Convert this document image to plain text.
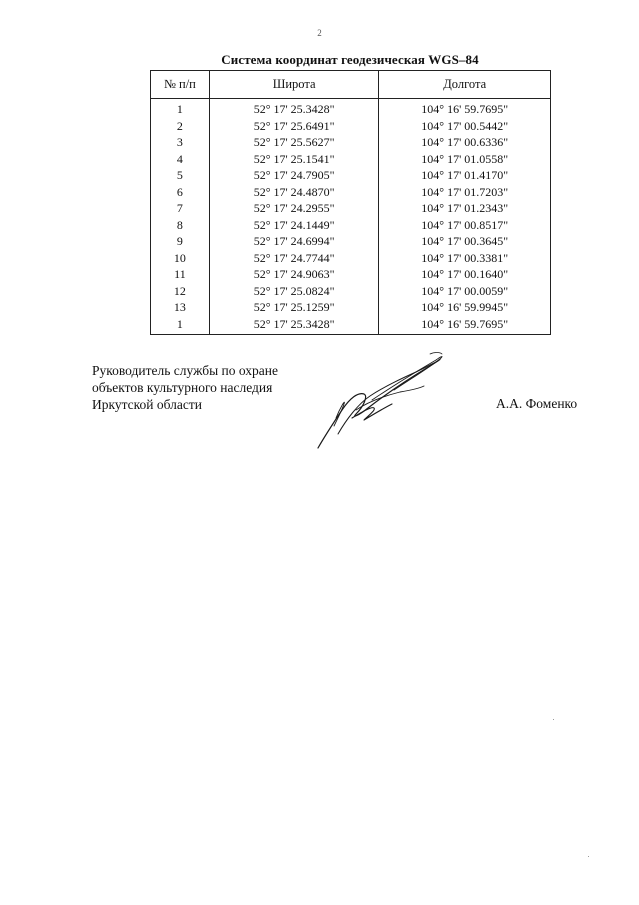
2
Система координат геодезическая WGS–84
№ п/п	Широта	Долгота
1	52° 17' 25.3428"	104° 16' 59.7695"
2	52° 17' 25.6491"	104° 17' 00.5442"
3	52° 17' 25.5627"	104° 17' 00.6336"
4	52° 17' 25.1541"	104° 17' 01.0558"
5	52° 17' 24.7905"	104° 17' 01.4170"
6	52° 17' 24.4870"	104° 17' 01.7203"
7	52° 17' 24.2955"	104° 17' 01.2343"
8	52° 17' 24.1449"	104° 17' 00.8517"
9	52° 17' 24.6994"	104° 17' 00.3645"
10	52° 17' 24.7744"	104° 17' 00.3381"
11	52° 17' 24.9063"	104° 17' 00.1640"
12	52° 17' 25.0824"	104° 17' 00.0059"
13	52° 17' 25.1259"	104° 16' 59.9945"
1	52° 17' 25.3428"	104° 16' 59.7695"
Руководитель службы по охране
объектов культурного наследия
Иркутской области	А.А. Фоменко
